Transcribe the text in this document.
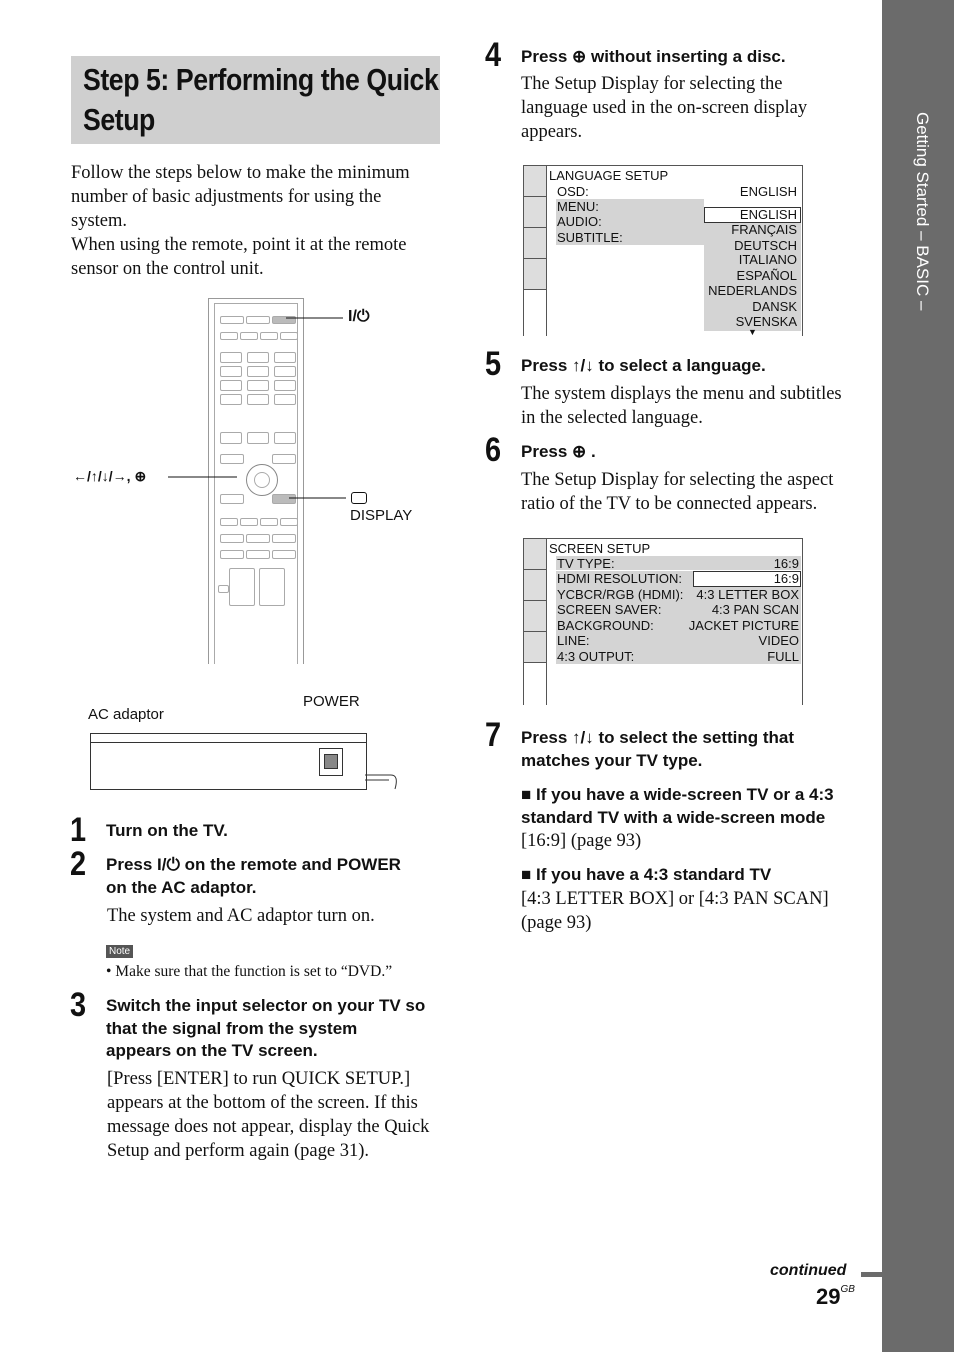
Getting Started – BASIC –
Step 5: Performing the Quick Setup
Follow the steps below to make the minimum
number of basic adjustments for using the
system.
When using the remote, point it at the remote
sensor on the control unit.
I/⏻
←/↑/↓/→, ⊕
DISPLAY
AC adaptor
POWER
1 Turn on the TV.
2 Press I/⏻ on the remote and POWER
on the AC adaptor.
The system and AC adaptor turn on.
Note
• Make sure that the function is set to “DVD.”
3 Switch the input selector on your TV so
that the signal from the system
appears on the TV screen.
[Press [ENTER] to run QUICK SETUP.]
appears at the bottom of the screen. If this
message does not appear, display the Quick
Setup and perform again (page 31).
4 Press ⊕ without inserting a disc.
The Setup Display for selecting the
language used in the on-screen display
appears.
LANGUAGE SETUP
OSD:	ENGLISH
MENU:
AUDIO:
SUBTITLE:
ENGLISH
FRANÇAIS
DEUTSCH
ITALIANO
ESPAÑOL
NEDERLANDS
DANSK
SVENSKA
▼
5 Press ↑/↓ to select a language.
The system displays the menu and subtitles
in the selected language.
6 Press ⊕ .
The Setup Display for selecting the aspect
ratio of the TV to be connected appears.
SCREEN SETUP
TV TYPE:
HDMI RESOLUTION:
YCBCR/RGB (HDMI):
SCREEN SAVER:
BACKGROUND:
LINE:
4:3 OUTPUT:
16:9
16:9
4:3 LETTER BOX
4:3 PAN SCAN
JACKET PICTURE
VIDEO
FULL
7 Press ↑/↓ to select the setting that
matches your TV type.
■ If you have a wide-screen TV or a 4:3
standard TV with a wide-screen mode
[16:9] (page 93)
■ If you have a 4:3 standard TV
[4:3 LETTER BOX] or [4:3 PAN SCAN]
(page 93)
continued
$29^{GB}$
